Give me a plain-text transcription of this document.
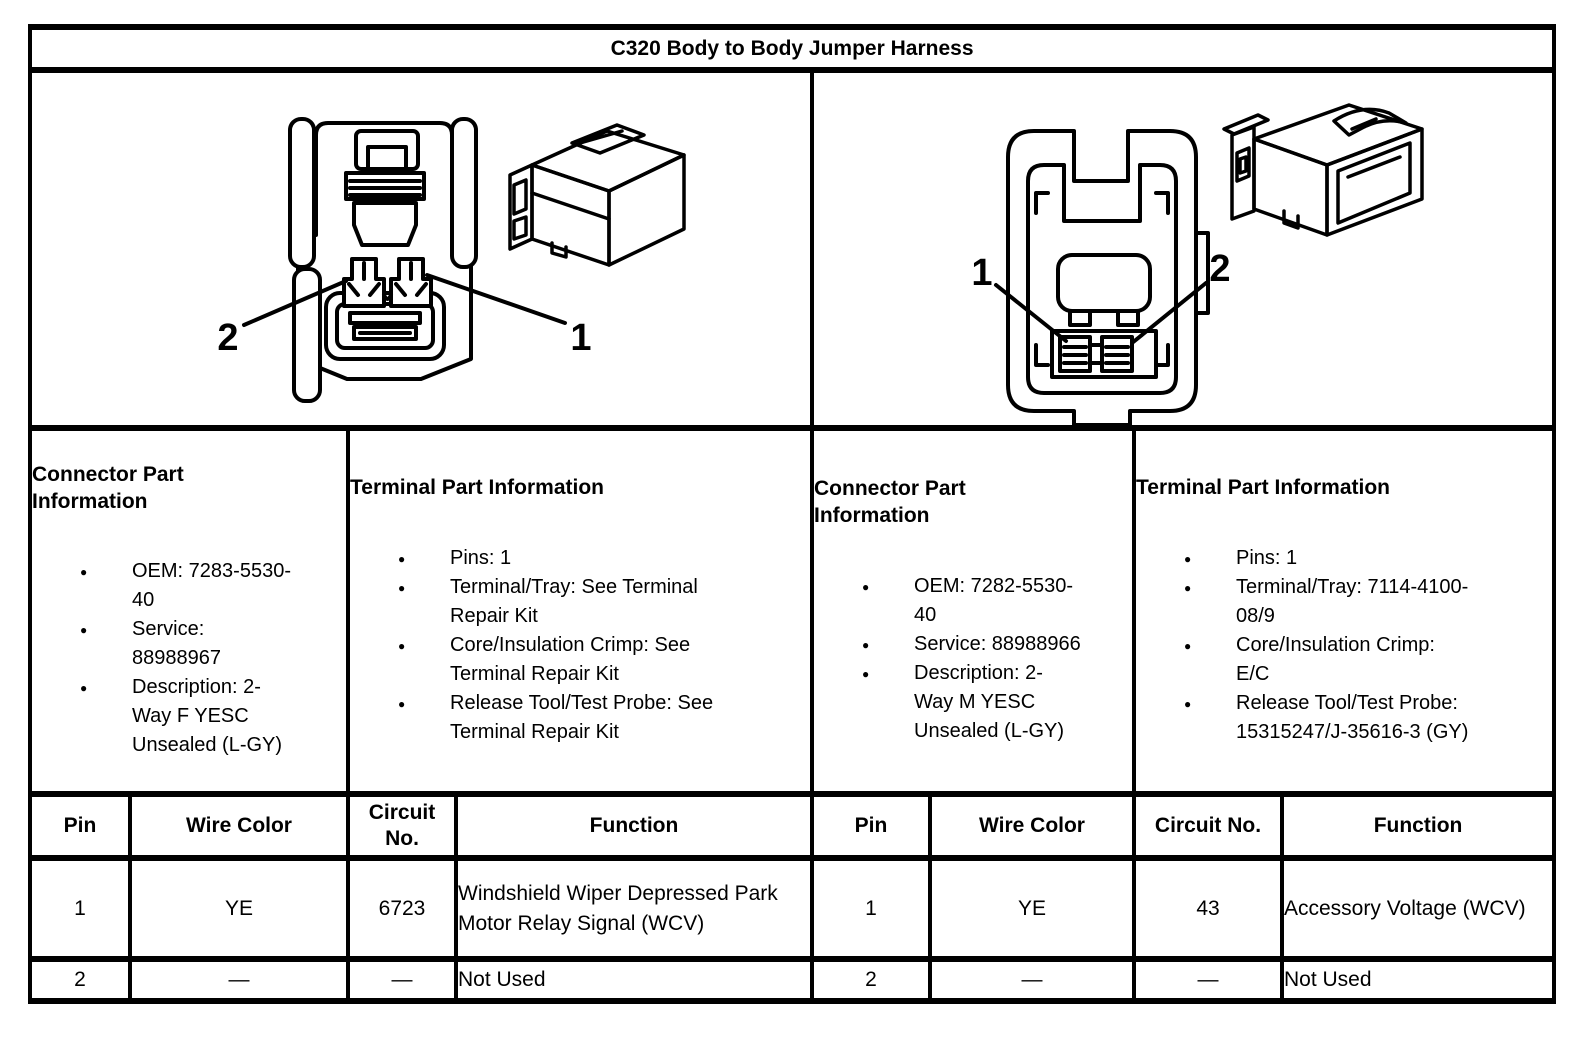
C320 Body to Body Jumper Harness							

2 1				1 2			

Connector Part Information
● OEM: 7283-5530-40
● Service: 88988967
● Description: 2-Way F YESC Unsealed (L-GY)

Terminal Part Information
● Pins: 1
● Terminal/Tray: See Terminal Repair Kit
● Core/Insulation Crimp: See Terminal Repair Kit
● Release Tool/Test Probe: See Terminal Repair Kit

Connector Part Information
● OEM: 7282-5530-40
● Service: 88988966
● Description: 2-Way M YESC Unsealed (L-GY)

Terminal Part Information
● Pins: 1
● Terminal/Tray: 7114-4100-08/9
● Core/Insulation Crimp: E/C
● Release Tool/Test Probe: 15315247/J-35616-3 (GY)

Pin	Wire Color	Circuit No.	Function	Pin	Wire Color	Circuit No.	Function
1	YE	6723	Windshield Wiper Depressed Park Motor Relay Signal (WCV)	1	YE	43	Accessory Voltage (WCV)
2	—	—	Not Used	2	—	—	Not Used
